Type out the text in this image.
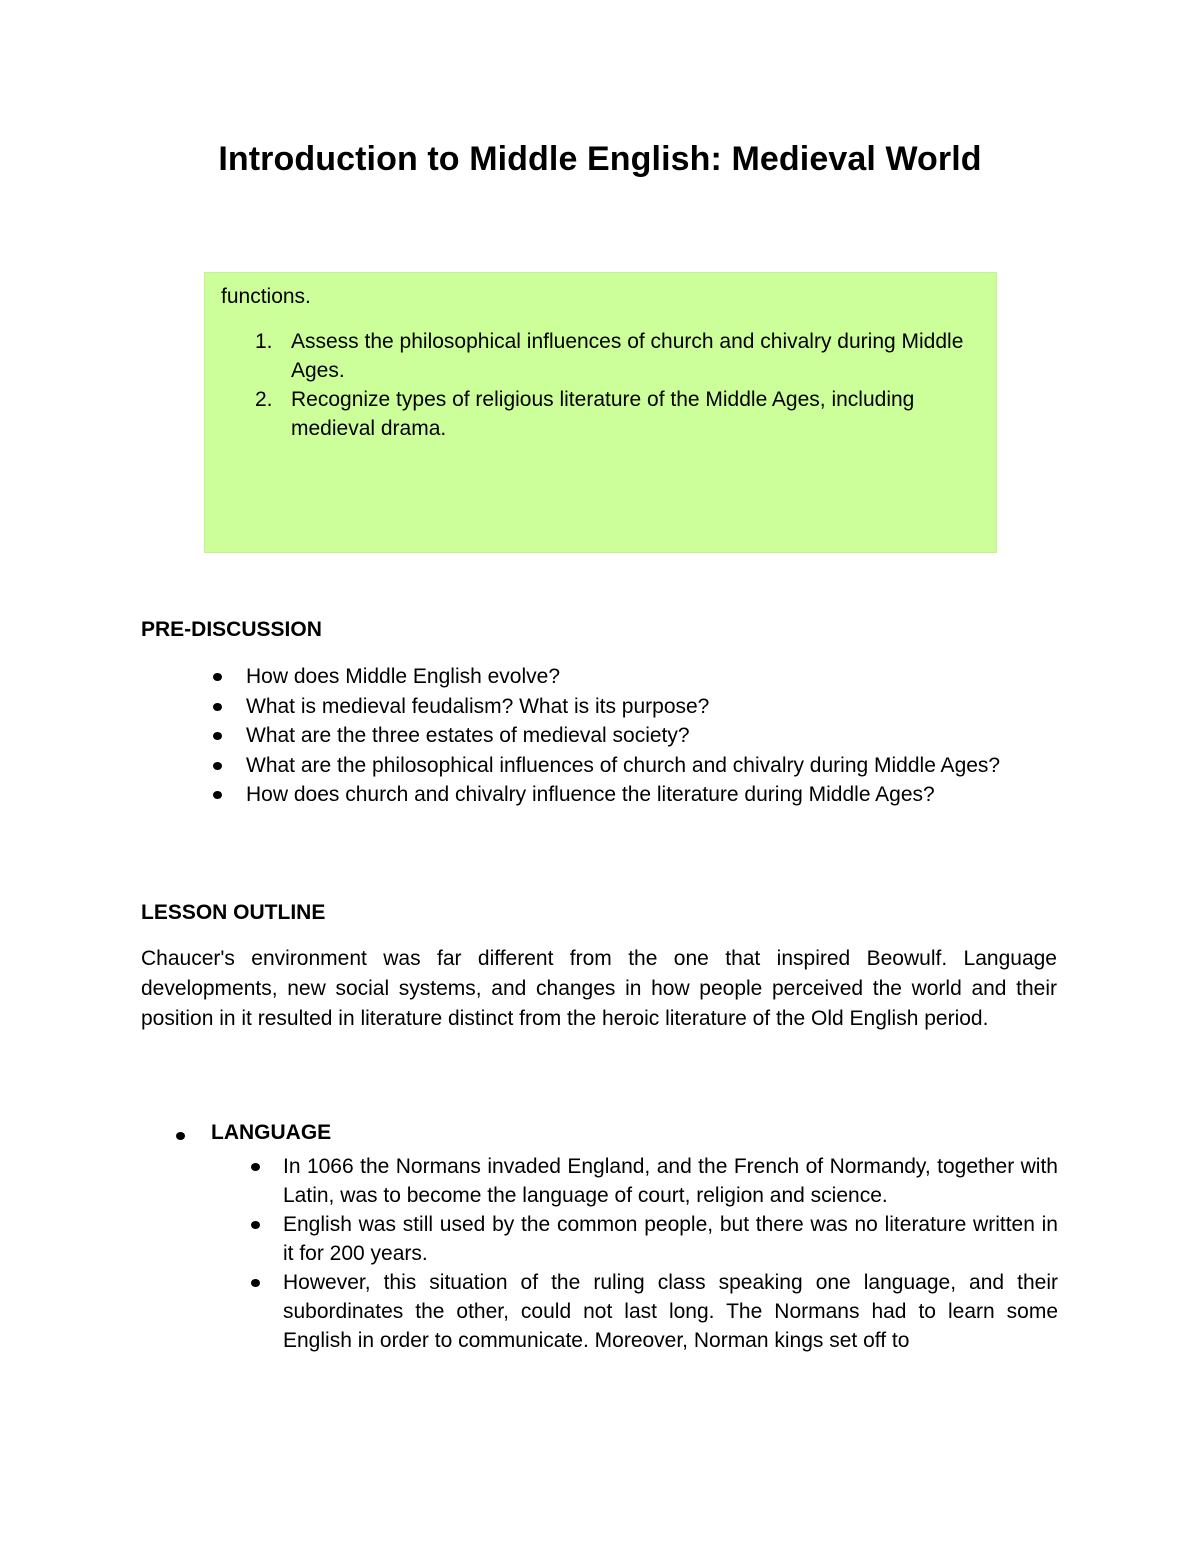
Introduction to Middle English: Medieval World
functions.
1. Assess the philosophical influences of church and chivalry during Middle Ages.
2. Recognize types of religious literature of the Middle Ages, including medieval drama.
PRE-DISCUSSION
How does Middle English evolve?
What is medieval feudalism? What is its purpose?
What are the three estates of medieval society?
What are the philosophical influences of church and chivalry during Middle Ages?
How does church and chivalry influence the literature during Middle Ages?
LESSON OUTLINE
Chaucer's environment was far different from the one that inspired Beowulf. Language developments, new social systems, and changes in how people perceived the world and their position in it resulted in literature distinct from the heroic literature of the Old English period.
LANGUAGE
In 1066 the Normans invaded England, and the French of Normandy, together with Latin, was to become the language of court, religion and science.
English was still used by the common people, but there was no literature written in it for 200 years.
However, this situation of the ruling class speaking one language, and their subordinates the other, could not last long. The Normans had to learn some English in order to communicate. Moreover, Norman kings set off to
